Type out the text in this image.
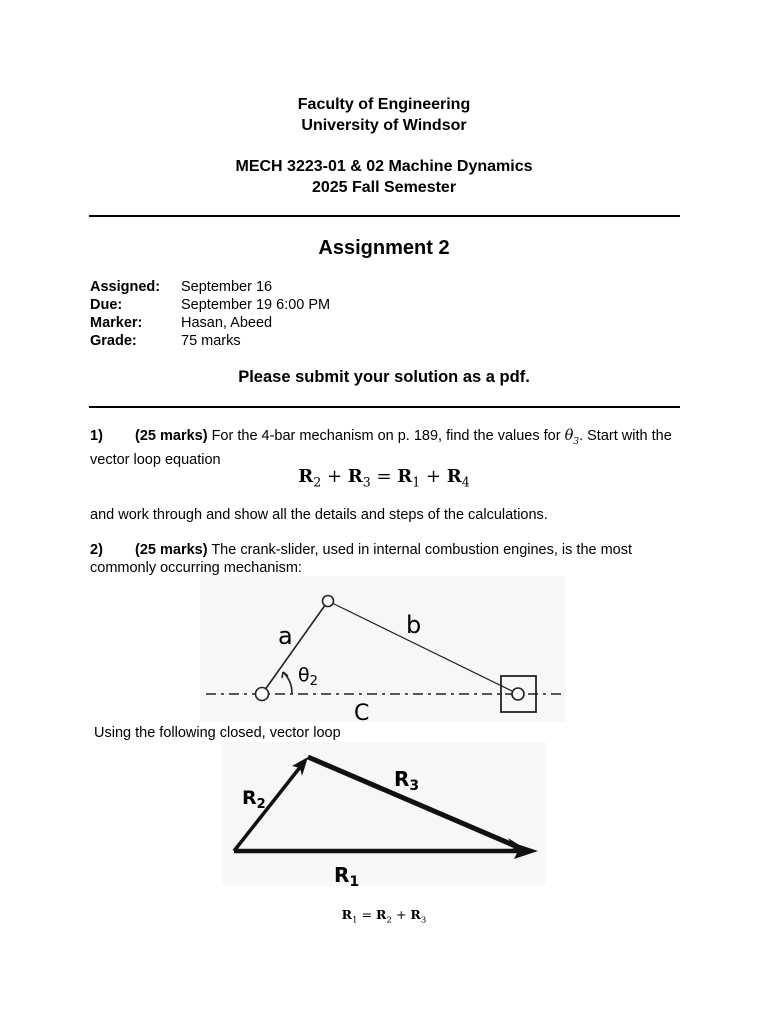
Faculty of Engineering
University of Windsor
MECH 3223-01 & 02 Machine Dynamics
2025 Fall Semester
Assignment 2
Assigned: September 16
Due:	September 19 6:00 PM
Marker:	Hasan, Abeed
Grade:	75 marks
Please submit your solution as a pdf.
1) (25 marks) For the 4-bar mechanism on p. 189, find the values for $\theta_3$. Start with the vector loop equation
$R_2 + R_3 = R_1 + R_4$
and work through and show all the details and steps of the calculations.
2) (25 marks) The crank-slider, used in internal combustion engines, is the most commonly occurring mechanism:
a	b
C
$\theta_2$
Using the following closed, vector loop
$R_2$
$R_3$
$R_1$
$R_1 = R_2 + R_3$
